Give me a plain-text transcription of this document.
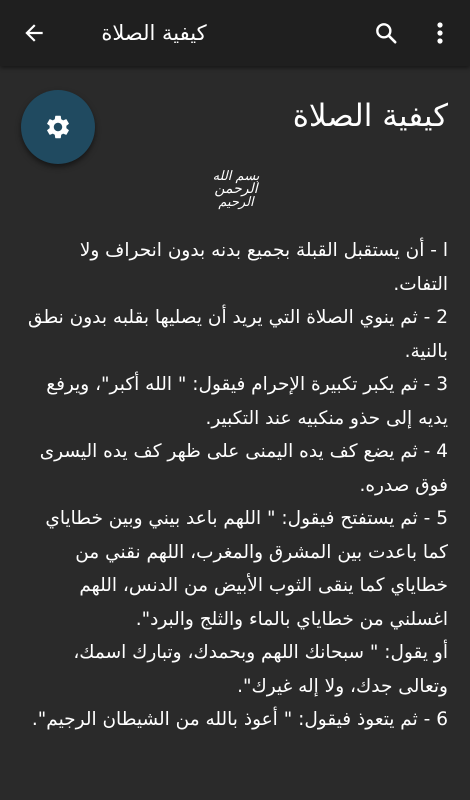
كيفية الصلاة
كيفية الصلاة
بسم الله
الرحمن
الرحيم

ا - أن يستقبل القبلة بجميع بدنه بدون انحراف ولا التفات.

2 - ثم ينوي الصلاة التي يريد أن يصليها بقلبه بدون نطق بالنية.

3 - ثم يكبر تكبيرة الإحرام فيقول: " الله أكبر"، ويرفع يديه إلى حذو منكبيه عند التكبير.

4 - ثم يضع كف يده اليمنى على ظهر كف يده اليسرى فوق صدره.

5 - ثم يستفتح فيقول: " اللهم باعد بيني وبين خطاياي كما باعدت بين المشرق والمغرب، اللهم نقني من خطاياي كما ينقى الثوب الأبيض من الدنس، اللهم اغسلني من خطاياي بالماء والثلج والبرد".

أو يقول: " سبحانك اللهم وبحمدك، وتبارك اسمك، وتعالى جدك، ولا إله غيرك".

6 - ثم يتعوذ فيقول: " أعوذ بالله من الشيطان الرجيم".
